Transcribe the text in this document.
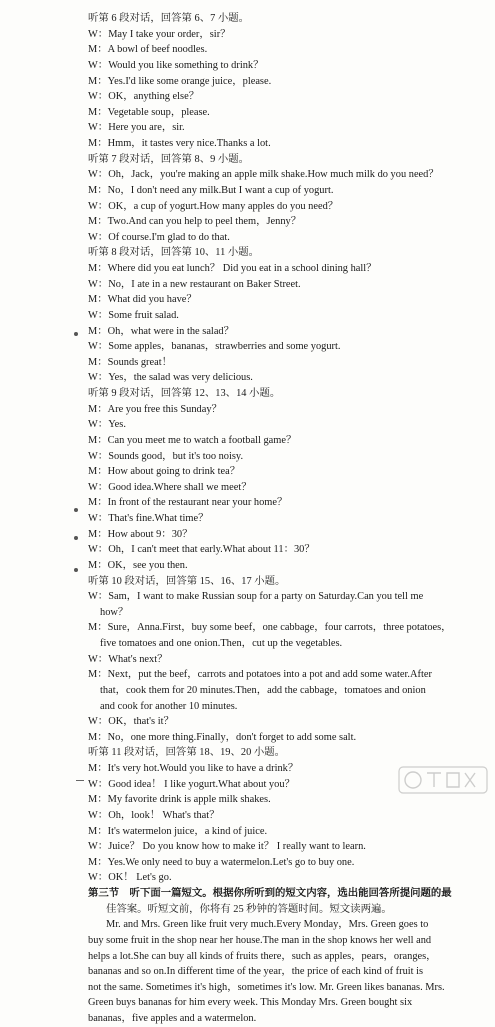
听第 6 段对话，回答第 6、7 小题。
W：May I take your order，sir？
M：A bowl of beef noodles.
W：Would you like something to drink？
M：Yes.I'd like some orange juice，please.
W：OK，anything else？
M：Vegetable soup，please.
W：Here you are，sir.
M：Hmm，it tastes very nice.Thanks a lot.
听第 7 段对话，回答第 8、9 小题。
W：Oh，Jack，you're making an apple milk shake.How much milk do you need？
M：No，I don't need any milk.But I want a cup of yogurt.
W：OK，a cup of yogurt.How many apples do you need？
M：Two.And can you help to peel them，Jenny？
W：Of course.I'm glad to do that.
听第 8 段对话，回答第 10、11 小题。
M：Where did you eat lunch？ Did you eat in a school dining hall？
W：No，I ate in a new restaurant on Baker Street.
M：What did you have？
W：Some fruit salad.
M：Oh，what were in the salad？
W：Some apples，bananas，strawberries and some yogurt.
M：Sounds great！
W：Yes，the salad was very delicious.
听第 9 段对话，回答第 12、13、14 小题。
M：Are you free this Sunday？
W：Yes.
M：Can you meet me to watch a football game？
W：Sounds good，but it's too noisy.
M：How about going to drink tea？
W：Good idea.Where shall we meet？
M：In front of the restaurant near your home？
W：That's fine.What time？
M：How about 9：30？
W：Oh，I can't meet that early.What about 11：30？
M：OK，see you then.
听第 10 段对话，回答第 15、16、17 小题。
W：Sam，I want to make Russian soup for a party on Saturday.Can you tell me
how？
M：Sure，Anna.First，buy some beef，one cabbage，four carrots，three potatoes，
five tomatoes and one onion.Then，cut up the vegetables.
W：What's next？
M：Next，put the beef，carrots and potatoes into a pot and add some water.After
that，cook them for 20 minutes.Then，add the cabbage，tomatoes and onion
and cook for another 10 minutes.
W：OK，that's it？
M：No，one more thing.Finally，don't forget to add some salt.
听第 11 段对话，回答第 18、19、20 小题。
M：It's very hot.Would you like to have a drink？
W：Good idea！ I like yogurt.What about you？
M：My favorite drink is apple milk shakes.
W：Oh，look！ What's that？
M：It's watermelon juice，a kind of juice.
W：Juice？ Do you know how to make it？ I really want to learn.
M：Yes.We only need to buy a watermelon.Let's go to buy one.
W：OK！ Let's go.
第三节　听下面一篇短文。根据你所听到的短文内容，选出能回答所提问题的最
佳答案。听短文前，你将有 25 秒钟的答题时间。短文读两遍。
Mr. and Mrs. Green like fruit very much.Every Monday，Mrs. Green goes to
buy some fruit in the shop near her house.The man in the shop knows her well and
helps a lot.She can buy all kinds of fruits there，such as apples，pears，oranges，
bananas and so on.In different time of the year，the price of each kind of fruit is
not the same. Sometimes it's high，sometimes it's low. Mr. Green likes bananas. Mrs.
Green buys bananas for him every week. This Monday Mrs. Green bought six
bananas，five apples and a watermelon.
